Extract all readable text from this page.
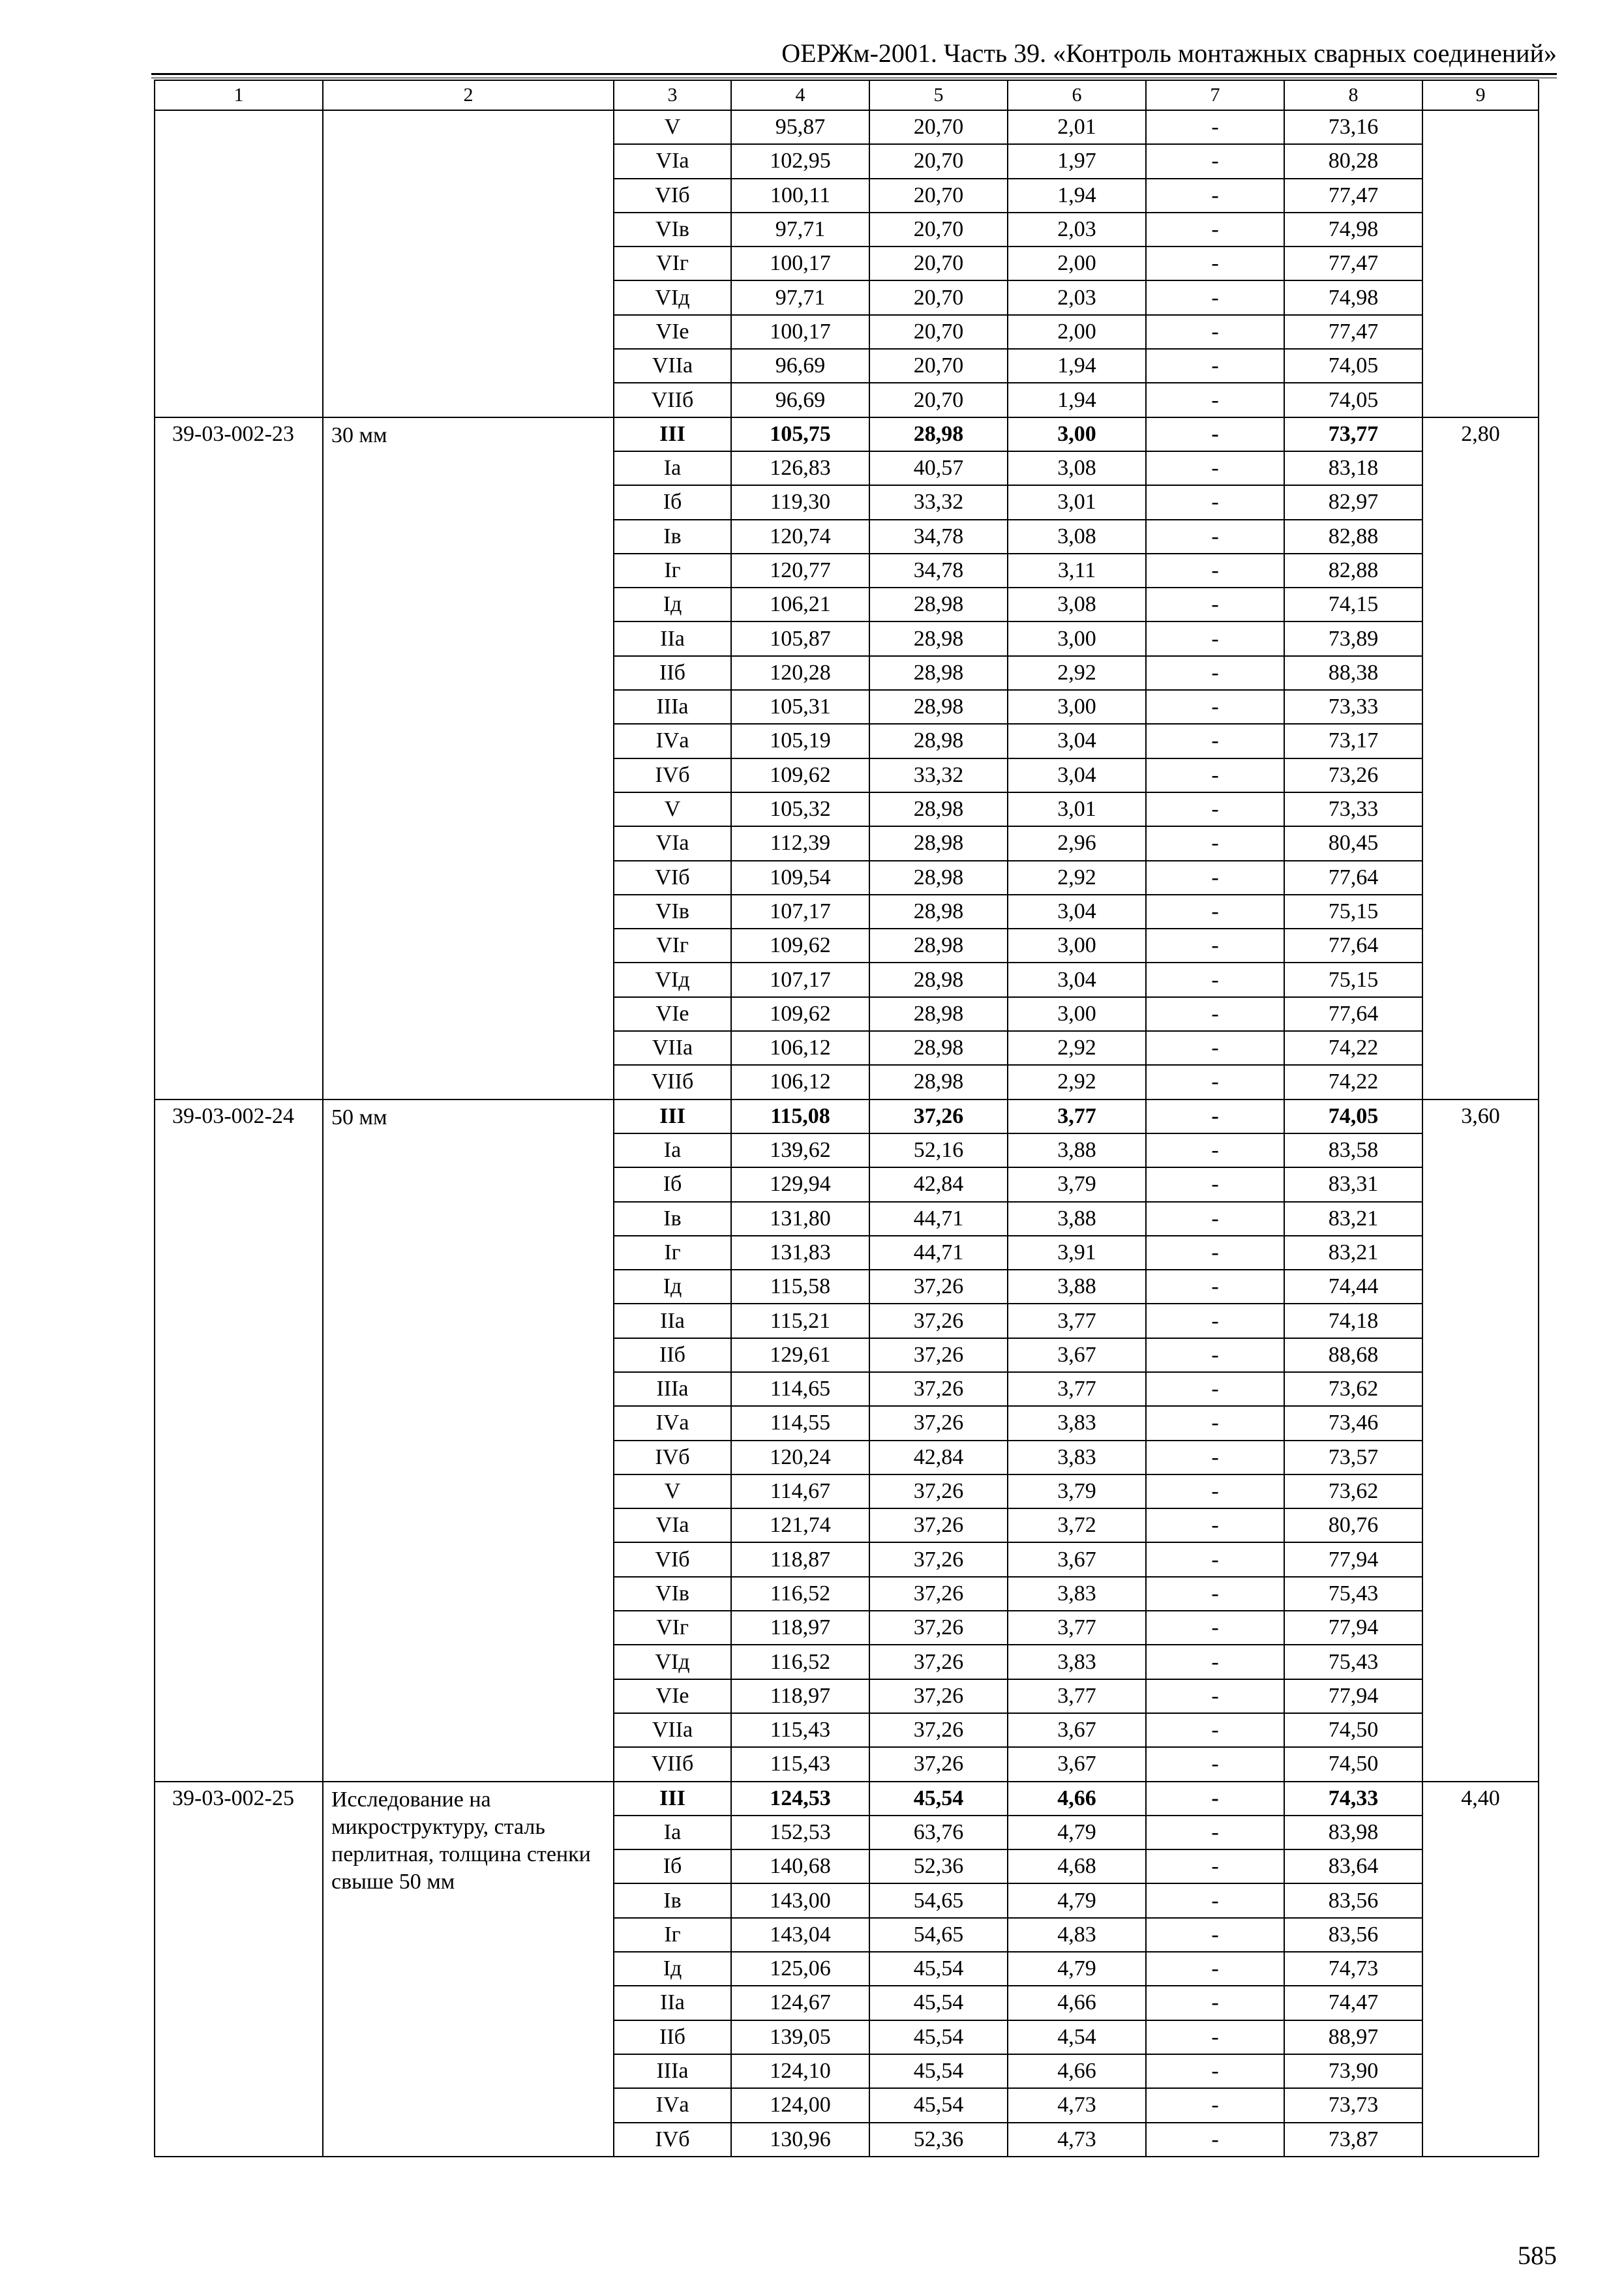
ОЕРЖм-2001. Часть 39. «Контроль монтажных сварных соединений»
1	2	3	4	5	6	7	8	9
		V	95,87	20,70	2,01	-	73,16	
		VIа	102,95	20,70	1,97	-	80,28	
		VIб	100,11	20,70	1,94	-	77,47	
		VIв	97,71	20,70	2,03	-	74,98	
		VIг	100,17	20,70	2,00	-	77,47	
		VIд	97,71	20,70	2,03	-	74,98	
		VIе	100,17	20,70	2,00	-	77,47	
		VIIа	96,69	20,70	1,94	-	74,05	
		VIIб	96,69	20,70	1,94	-	74,05	
39-03-002-23	30 мм	III	105,75	28,98	3,00	-	73,77	2,80
		Iа	126,83	40,57	3,08	-	83,18	
		Iб	119,30	33,32	3,01	-	82,97	
		Iв	120,74	34,78	3,08	-	82,88	
		Iг	120,77	34,78	3,11	-	82,88	
		Iд	106,21	28,98	3,08	-	74,15	
		IIа	105,87	28,98	3,00	-	73,89	
		IIб	120,28	28,98	2,92	-	88,38	
		IIIа	105,31	28,98	3,00	-	73,33	
		IVа	105,19	28,98	3,04	-	73,17	
		IVб	109,62	33,32	3,04	-	73,26	
		V	105,32	28,98	3,01	-	73,33	
		VIа	112,39	28,98	2,96	-	80,45	
		VIб	109,54	28,98	2,92	-	77,64	
		VIв	107,17	28,98	3,04	-	75,15	
		VIг	109,62	28,98	3,00	-	77,64	
		VIд	107,17	28,98	3,04	-	75,15	
		VIе	109,62	28,98	3,00	-	77,64	
		VIIа	106,12	28,98	2,92	-	74,22	
		VIIб	106,12	28,98	2,92	-	74,22	
39-03-002-24	50 мм	III	115,08	37,26	3,77	-	74,05	3,60
		Iа	139,62	52,16	3,88	-	83,58	
		Iб	129,94	42,84	3,79	-	83,31	
		Iв	131,80	44,71	3,88	-	83,21	
		Iг	131,83	44,71	3,91	-	83,21	
		Iд	115,58	37,26	3,88	-	74,44	
		IIа	115,21	37,26	3,77	-	74,18	
		IIб	129,61	37,26	3,67	-	88,68	
		IIIа	114,65	37,26	3,77	-	73,62	
		IVа	114,55	37,26	3,83	-	73,46	
		IVб	120,24	42,84	3,83	-	73,57	
		V	114,67	37,26	3,79	-	73,62	
		VIа	121,74	37,26	3,72	-	80,76	
		VIб	118,87	37,26	3,67	-	77,94	
		VIв	116,52	37,26	3,83	-	75,43	
		VIг	118,97	37,26	3,77	-	77,94	
		VIд	116,52	37,26	3,83	-	75,43	
		VIе	118,97	37,26	3,77	-	77,94	
		VIIа	115,43	37,26	3,67	-	74,50	
		VIIб	115,43	37,26	3,67	-	74,50	
39-03-002-25	Исследование на микроструктуру, сталь перлитная, толщина стенки свыше 50 мм	III	124,53	45,54	4,66	-	74,33	4,40
		Iа	152,53	63,76	4,79	-	83,98	
		Iб	140,68	52,36	4,68	-	83,64	
		Iв	143,00	54,65	4,79	-	83,56	
		Iг	143,04	54,65	4,83	-	83,56	
		Iд	125,06	45,54	4,79	-	74,73	
		IIа	124,67	45,54	4,66	-	74,47	
		IIб	139,05	45,54	4,54	-	88,97	
		IIIа	124,10	45,54	4,66	-	73,90	
		IVа	124,00	45,54	4,73	-	73,73	
		IVб	130,96	52,36	4,73	-	73,87	
585
